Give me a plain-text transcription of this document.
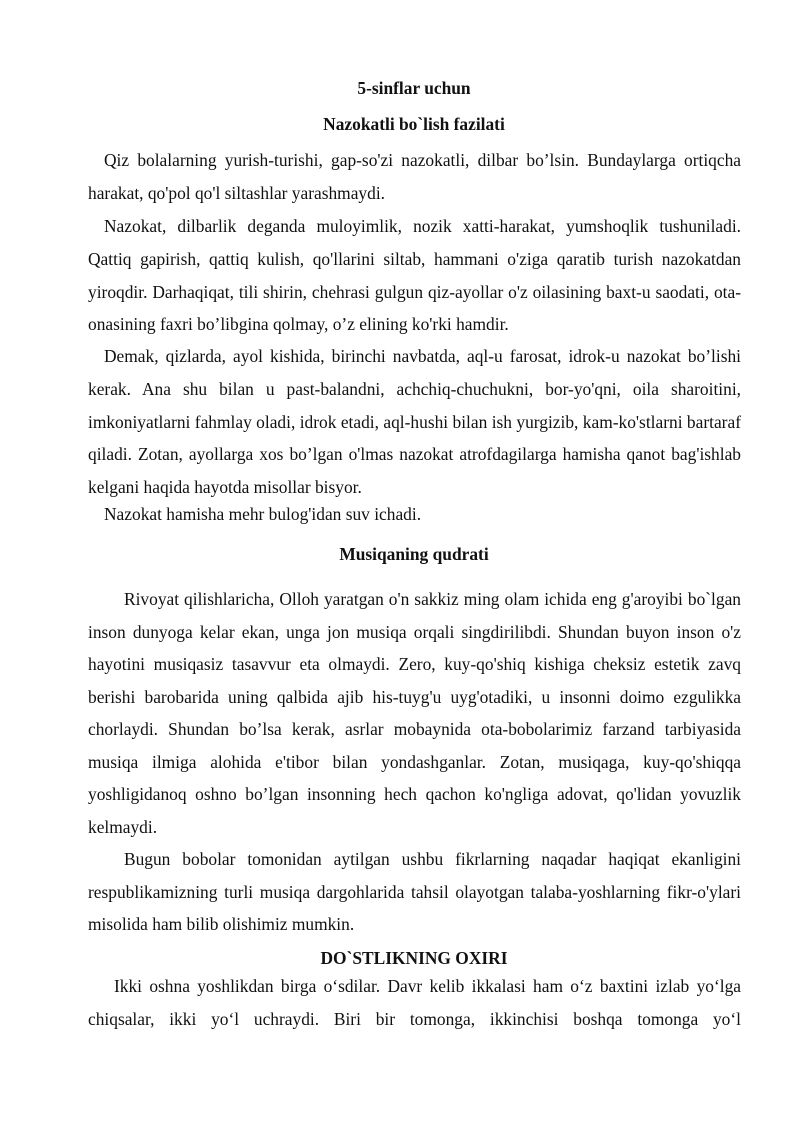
5-sinflar uchun
Nazokatli bo`lish fazilati

Qiz bolalarning yurish-turishi, gap-so'zi nazokatli, dilbar bo’lsin. Bundaylarga ortiqcha harakat, qo'pol qo'l siltashlar yarashmaydi.

Nazokat, dilbarlik deganda muloyimlik, nozik xatti-harakat, yumshoqlik tushuniladi. Qattiq gapirish, qattiq kulish, qo'llarini siltab, hammani o'ziga qaratib turish nazokatdan yiroqdir. Darhaqiqat, tili shirin, chehrasi gulgun qiz-ayollar o'z oilasining baxt-u saodati, ota-onasining faxri bo’libgina qolmay, o’z elining ko'rki hamdir.

Demak, qizlarda, ayol kishida, birinchi navbatda, aql-u farosat, idrok-u nazokat bo’lishi kerak. Ana shu bilan u past-balandni, achchiq-chuchukni, bor-yo'qni, oila sharoitini, imkoniyatlarni fahmlay oladi, idrok etadi, aql-hushi bilan ish yurgizib, kam-ko'stlarni bartaraf qiladi. Zotan, ayollarga xos bo’lgan o'lmas nazokat atrofdagilarga hamisha qanot bag'ishlab kelgani haqida hayotda misollar bisyor.

Nazokat hamisha mehr bulog'idan suv ichadi.

Musiqaning qudrati

Rivoyat qilishlaricha, Olloh yaratgan o'n sakkiz ming olam ichida eng g'aroyibi bo`lgan inson dunyoga kelar ekan, unga jon musiqa orqali singdirilibdi. Shundan buyon inson o'z hayotini musiqasiz tasavvur eta olmaydi. Zero, kuy-qo'shiq kishiga cheksiz estetik zavq berishi barobarida uning qalbida ajib his-tuyg'u uyg'otadiki, u insonni doimo ezgulikka chorlaydi. Shundan bo’lsa kerak, asrlar mobaynida ota-bobolarimiz farzand tarbiyasida musiqa ilmiga alohida e'tibor bilan yondashganlar. Zotan, musiqaga, kuy-qo'shiqqa yoshligidanoq oshno bo’lgan insonning hech qachon ko'ngliga adovat, qo'lidan yovuzlik kelmaydi.

Bugun bobolar tomonidan aytilgan ushbu fikrlarning naqadar haqiqat ekanligini respublikamizning turli musiqa dargohlarida tahsil olayotgan talaba-yoshlarning fikr-o'ylari misolida ham bilib olishimiz mumkin.

DO`STLIKNING OXIRI

Ikki oshna yoshlikdan birga o‘sdilar. Davr kelib ikkalasi ham o‘z baxtini izlab yo‘lga chiqsalar, ikki yo‘l uchraydi. Biri bir tomonga, ikkinchisi boshqa tomonga yo‘l
